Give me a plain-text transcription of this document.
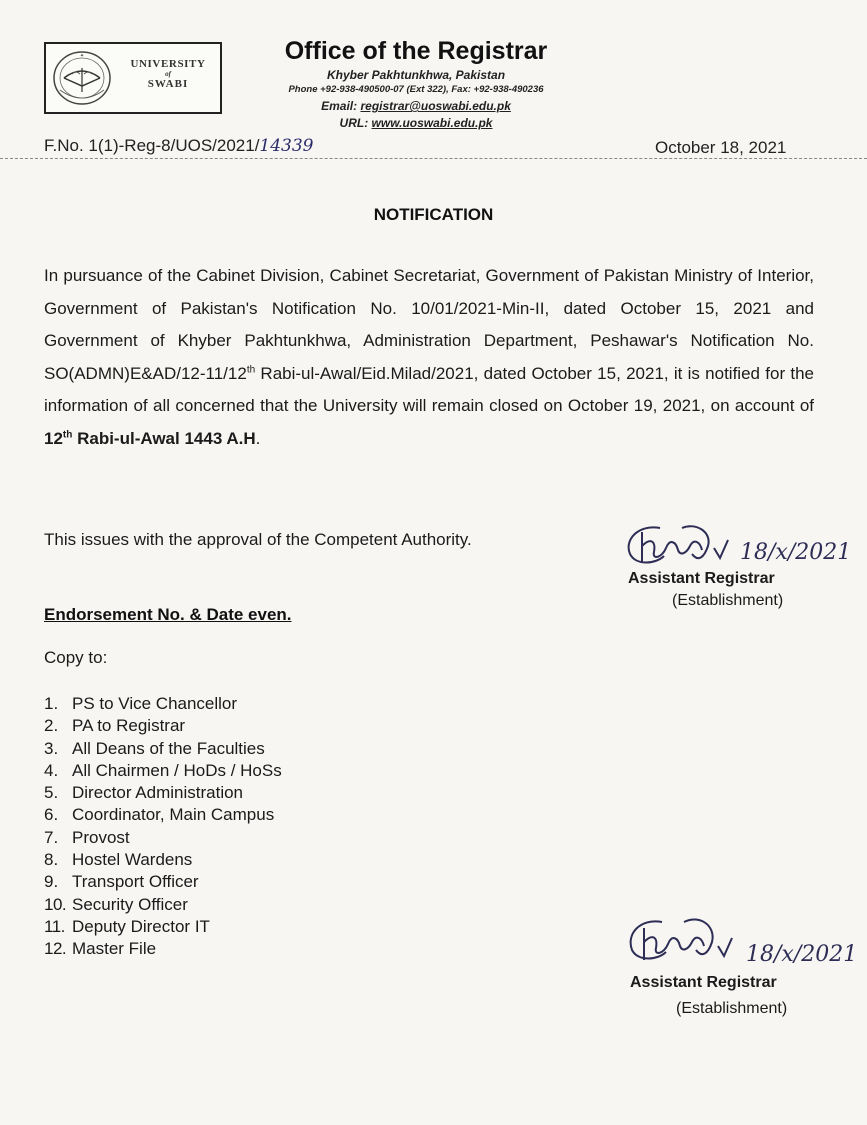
✦
UNIVERSITY
of
SWABI
Office of the Registrar
Khyber Pakhtunkhwa, Pakistan
Phone +92-938-490500-07 (Ext 322), Fax: +92-938-490236
Email: registrar@uoswabi.edu.pk
URL: www.uoswabi.edu.pk
F.No. 1(1)-Reg-8/UOS/2021/14339	October 18, 2021
NOTIFICATION
In pursuance of the Cabinet Division, Cabinet Secretariat, Government of Pakistan Ministry of Interior, Government of Pakistan's Notification No. 10/01/2021-Min-II, dated October 15, 2021 and Government of Khyber Pakhtunkhwa, Administration Department, Peshawar's Notification No. SO(ADMN)E&AD/12-11/12th Rabi-ul-Awal/Eid.Milad/2021, dated October 15, 2021, it is notified for the information of all concerned that the University will remain closed on October 19, 2021, on account of 12th Rabi-ul-Awal 1443 A.H.
This issues with the approval of the Competent Authority.
18/x/2021
Assistant Registrar
(Establishment)
Endorsement No. & Date even.
Copy to:
1. PS to Vice Chancellor
2. PA to Registrar
3. All Deans of the Faculties
4. All Chairmen / HoDs / HoSs
5. Director Administration
6. Coordinator, Main Campus
7. Provost
8. Hostel Wardens
9. Transport Officer
10. Security Officer
11. Deputy Director IT
12. Master File	18/x/2021
Assistant Registrar
(Establishment)
